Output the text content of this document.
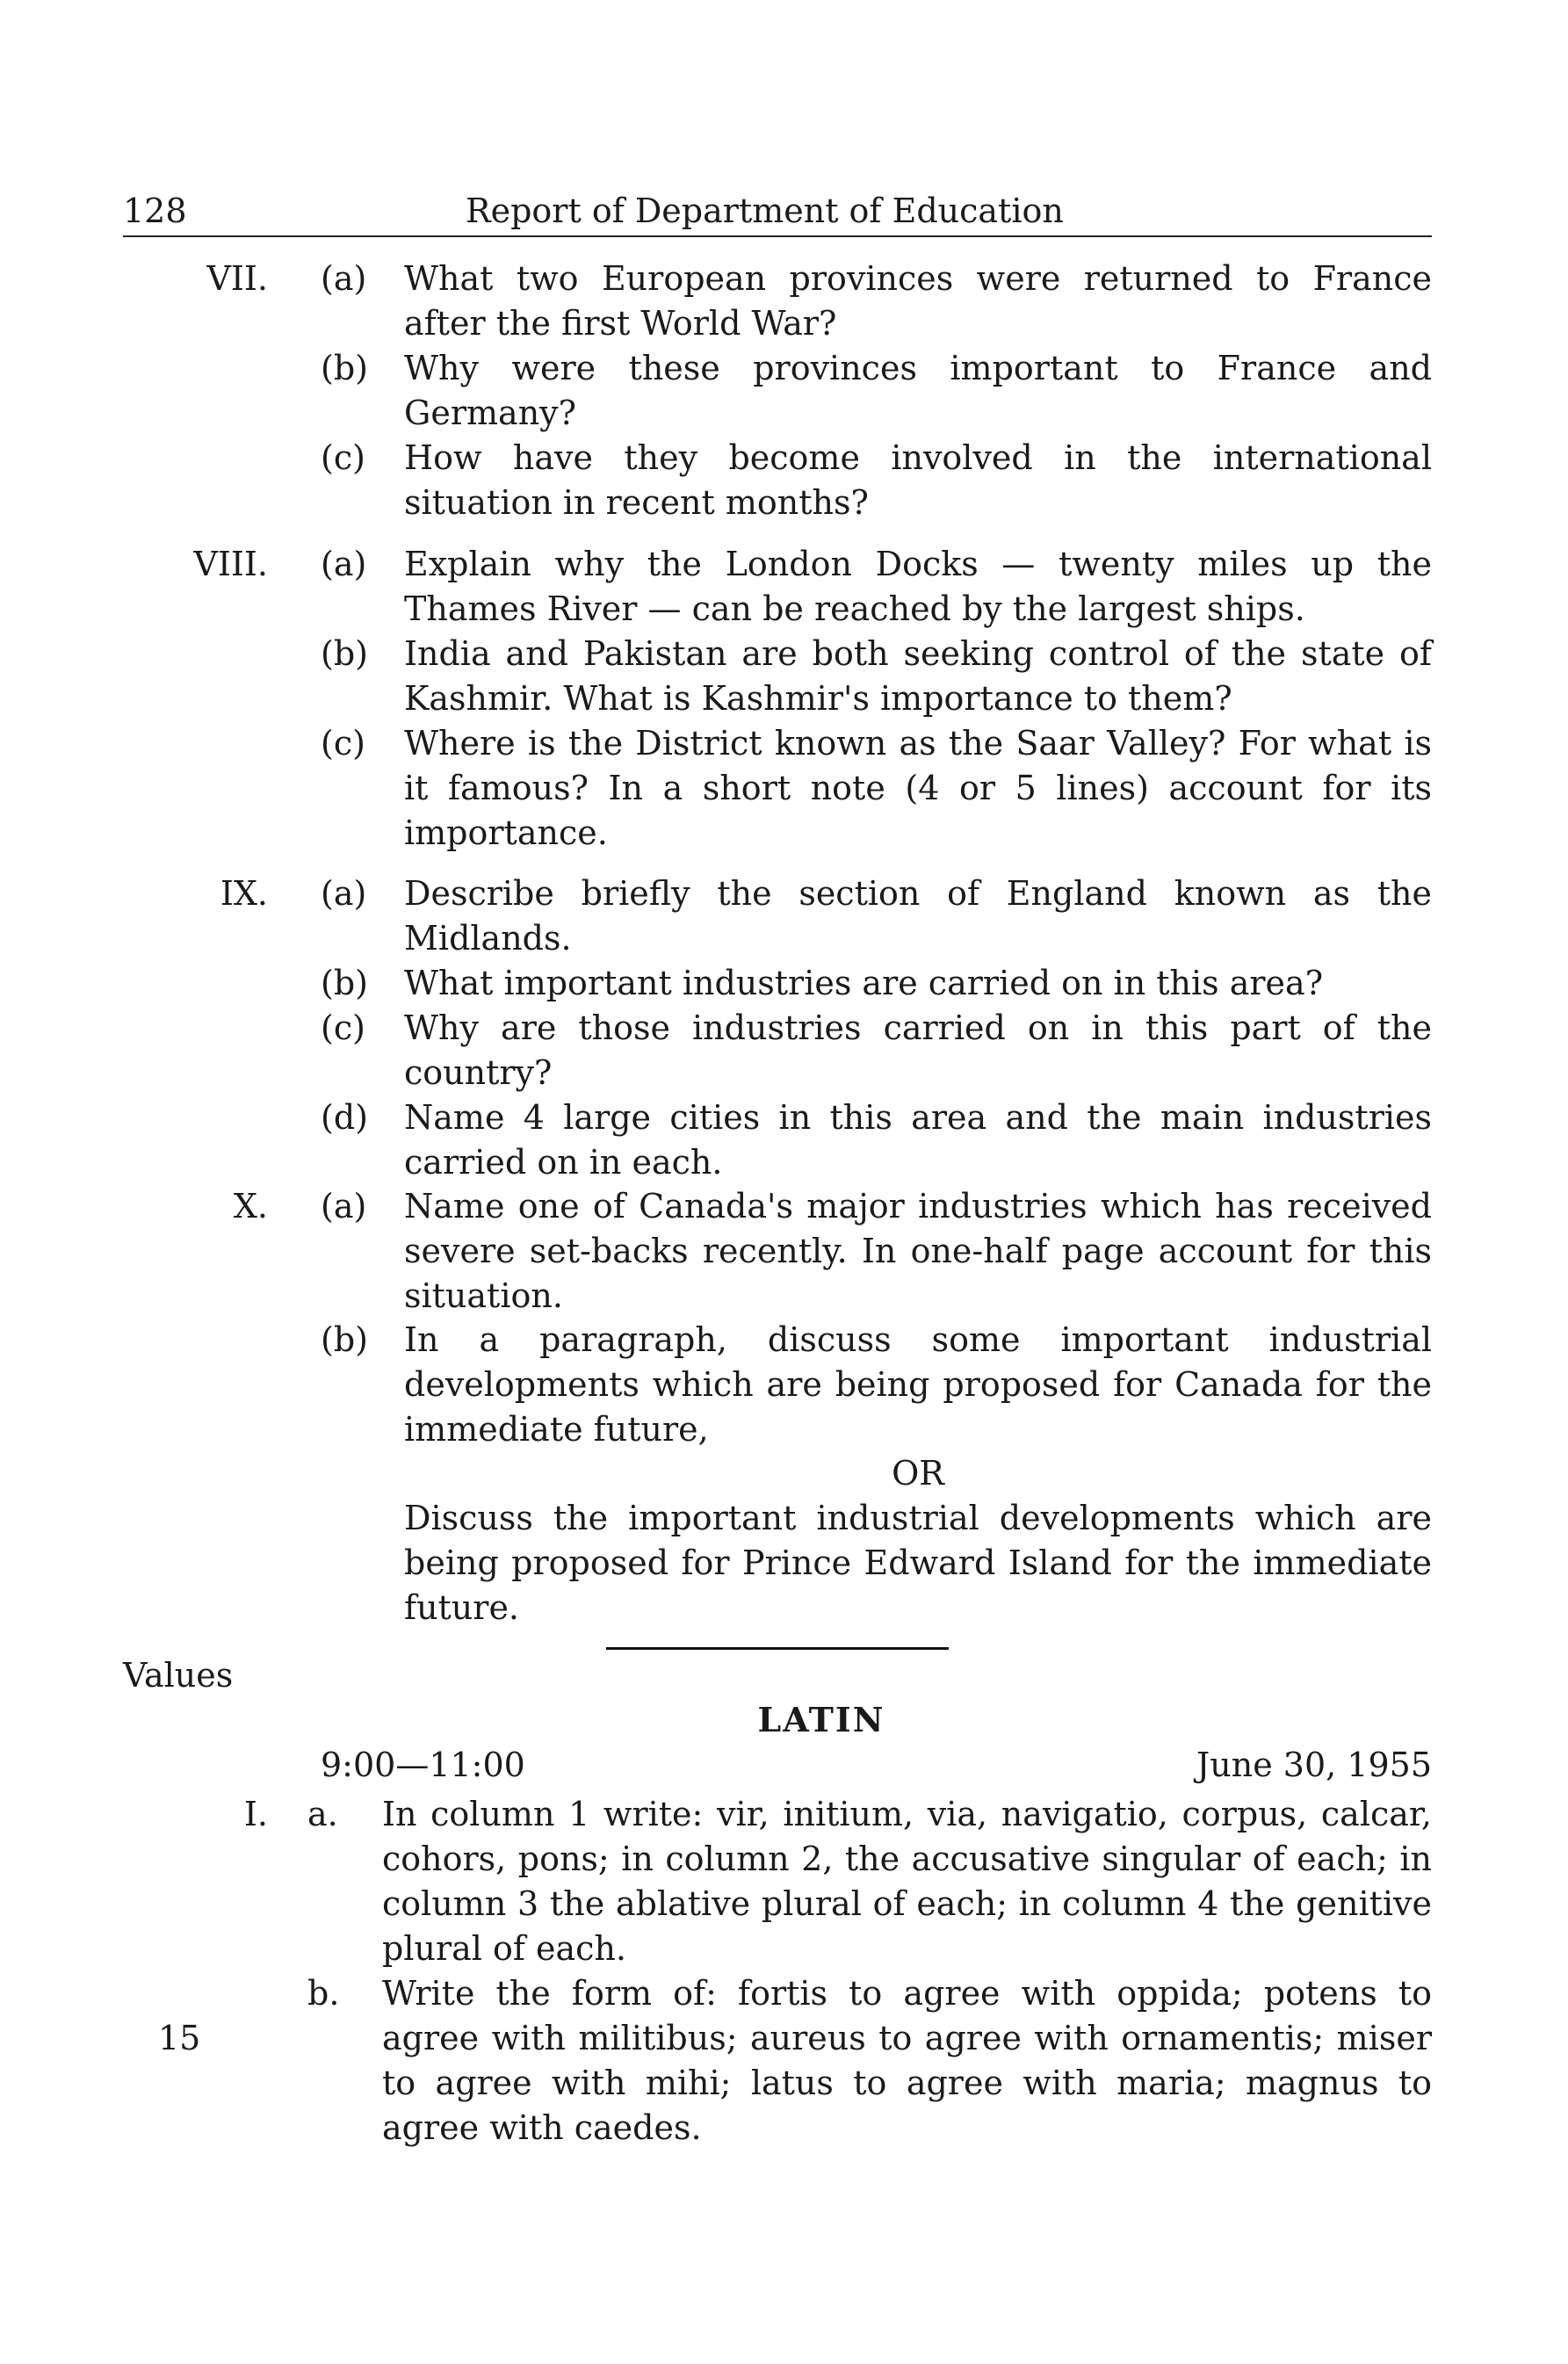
128	Report of Department of Education
VII. (a)	What two European provinces were returned to France after the first World War?
(b)	Why were these provinces important to France and Germany?
(c)	How have they become involved in the international situation in recent months?
VIII. (a)	Explain why the London Docks — twenty miles up the Thames River — can be reached by the largest ships.
(b)	India and Pakistan are both seeking control of the state of Kashmir. What is Kashmir's importance to them?
(c)	Where is the District known as the Saar Valley? For what is it famous? In a short note (4 or 5 lines) account for its importance.
IX. (a)	Describe briefly the section of England known as the Midlands.
(b)	What important industries are carried on in this area?
(c)	Why are those industries carried on in this part of the country?
(d)	Name 4 large cities in this area and the main industries carried on in each.
X. (a)	Name one of Canada's major industries which has received severe set-backs recently. In one-half page account for this situation.
(b)	In a paragraph, discuss some important industrial developments which are being proposed for Canada for the immediate future,
OR
Discuss the important industrial developments which are being proposed for Prince Edward Island for the immediate future.
Values
LATIN
9:00—11:00	June 30, 1955
I. a.	In column 1 write: vir, initium, via, navigatio, corpus, calcar, cohors, pons; in column 2, the accusative singular of each; in column 3 the ablative plural of each; in column 4 the genitive plural of each.
b.	Write the form of: fortis to agree with oppida; potens to agree with militibus; aureus to agree with ornamentis; miser to agree with mihi; latus to agree with maria; magnus to agree with caedes.
15
